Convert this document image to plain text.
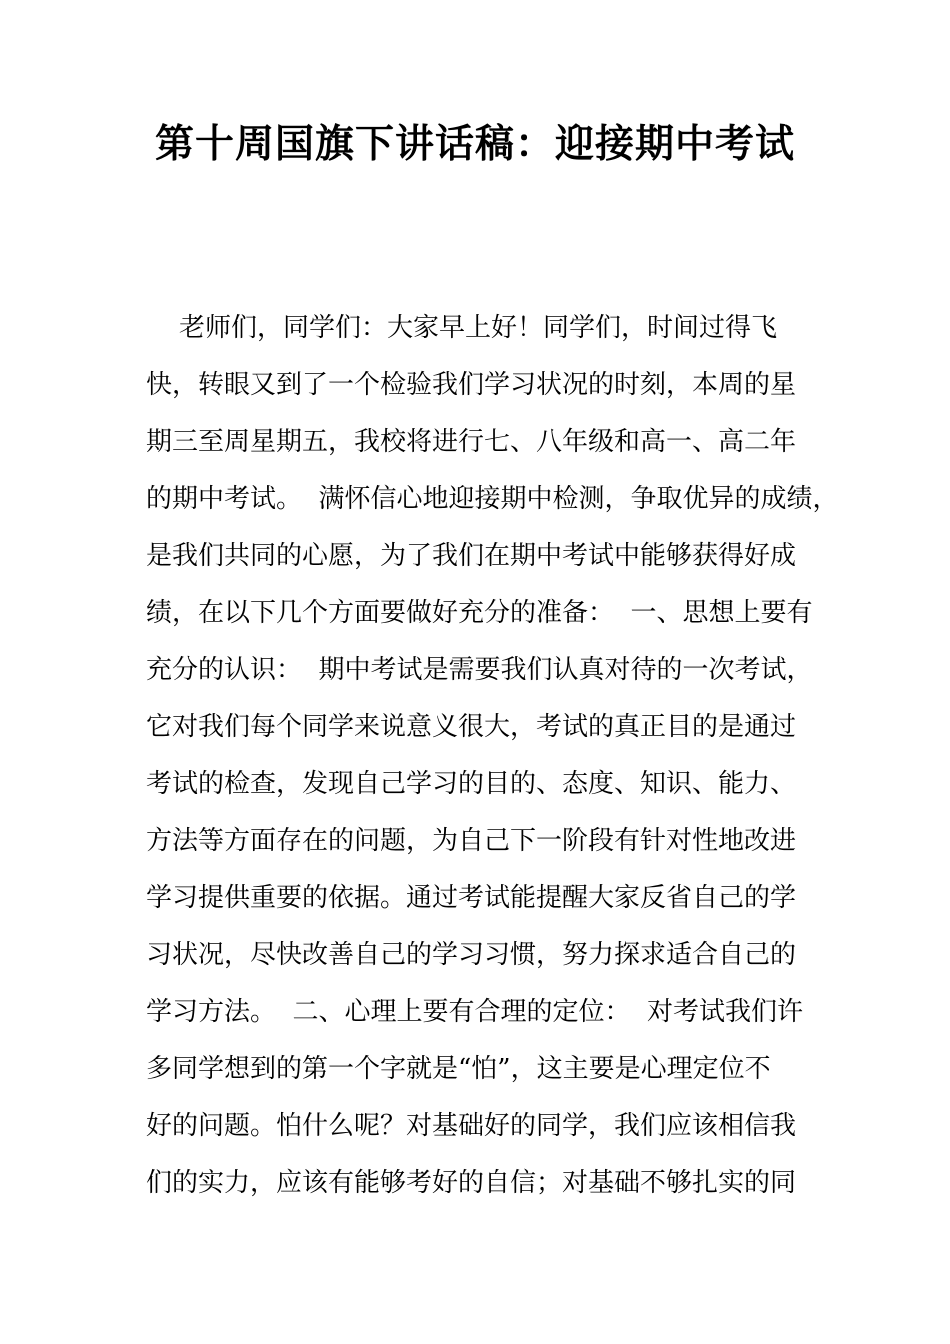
第十周国旗下讲话稿：迎接期中考试
老师们，同学们：大家早上好！同学们，时间过得飞
快，转眼又到了一个检验我们学习状况的时刻，本周的星
期三至周星期五，我校将进行七、八年级和高一、高二年
的期中考试。  满怀信心地迎接期中检测，争取优异的成绩，
是我们共同的心愿，为了我们在期中考试中能够获得好成
绩，在以下几个方面要做好充分的准备：  一、思想上要有
充分的认识：  期中考试是需要我们认真对待的一次考试，
它对我们每个同学来说意义很大，考试的真正目的是通过
考试的检查，发现自己学习的目的、态度、知识、能力、
方法等方面存在的问题，为自己下一阶段有针对性地改进
学习提供重要的依据。通过考试能提醒大家反省自己的学
习状况，尽快改善自己的学习习惯，努力探求适合自己的
学习方法。  二、心理上要有合理的定位：  对考试我们许
多同学想到的第一个字就是“怕”，这主要是心理定位不
好的问题。怕什么呢？对基础好的同学，我们应该相信我
们的实力，应该有能够考好的自信；对基础不够扎实的同
